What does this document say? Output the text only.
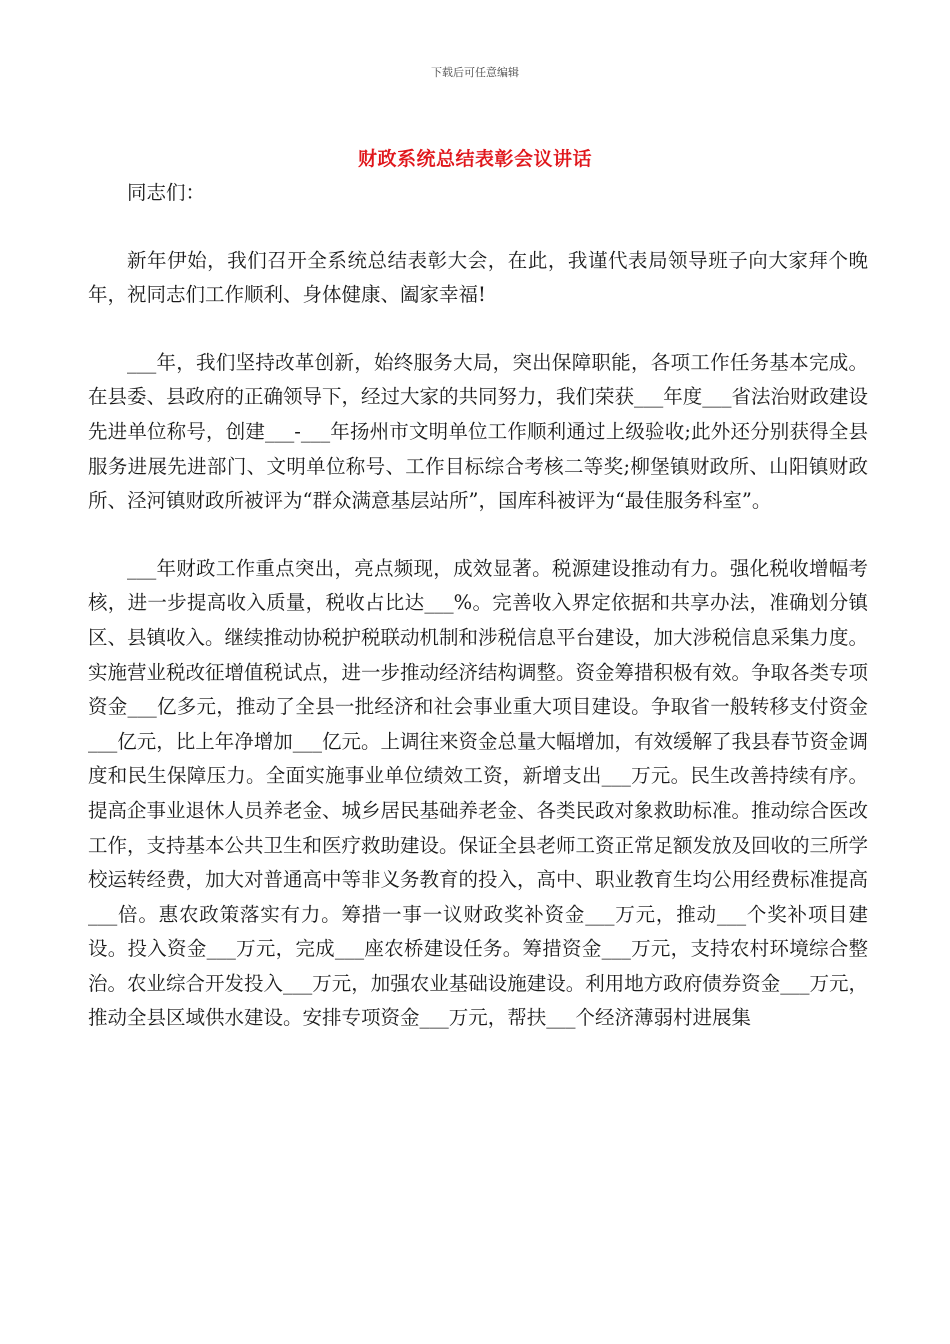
下载后可任意编辑
财政系统总结表彰会议讲话

同志们：

新年伊始，我们召开全系统总结表彰大会，在此，我谨代表局领导班子向大家拜个晚年，祝同志们工作顺利、身体健康、阖家幸福!

___年，我们坚持改革创新，始终服务大局，突出保障职能，各项工作任务基本完成。在县委、县政府的正确领导下，经过大家的共同努力，我们荣获___年度___省法治财政建设先进单位称号，创建___-___年扬州市文明单位工作顺利通过上级验收;此外还分别获得全县服务进展先进部门、文明单位称号、工作目标综合考核二等奖;柳堡镇财政所、山阳镇财政所、泾河镇财政所被评为“群众满意基层站所”，国库科被评为“最佳服务科室”。

___年财政工作重点突出，亮点频现，成效显著。税源建设推动有力。强化税收增幅考核，进一步提高收入质量，税收占比达___%。完善收入界定依据和共享办法，准确划分镇区、县镇收入。继续推动协税护税联动机制和涉税信息平台建设，加大涉税信息采集力度。实施营业税改征增值税试点，进一步推动经济结构调整。资金筹措积极有效。争取各类专项资金___亿多元，推动了全县一批经济和社会事业重大项目建设。争取省一般转移支付资金___亿元，比上年净增加___亿元。上调往来资金总量大幅增加，有效缓解了我县春节资金调度和民生保障压力。全面实施事业单位绩效工资，新增支出___万元。民生改善持续有序。提高企事业退休人员养老金、城乡居民基础养老金、各类民政对象救助标准。推动综合医改工作，支持基本公共卫生和医疗救助建设。保证全县老师工资正常足额发放及回收的三所学校运转经费，加大对普通高中等非义务教育的投入，高中、职业教育生均公用经费标准提高___倍。惠农政策落实有力。筹措一事一议财政奖补资金___万元，推动___个奖补项目建设。投入资金___万元，完成___座农桥建设任务。筹措资金___万元，支持农村环境综合整治。农业综合开发投入___万元，加强农业基础设施建设。利用地方政府债券资金___万元，推动全县区域供水建设。安排专项资金___万元，帮扶___个经济薄弱村进展集
